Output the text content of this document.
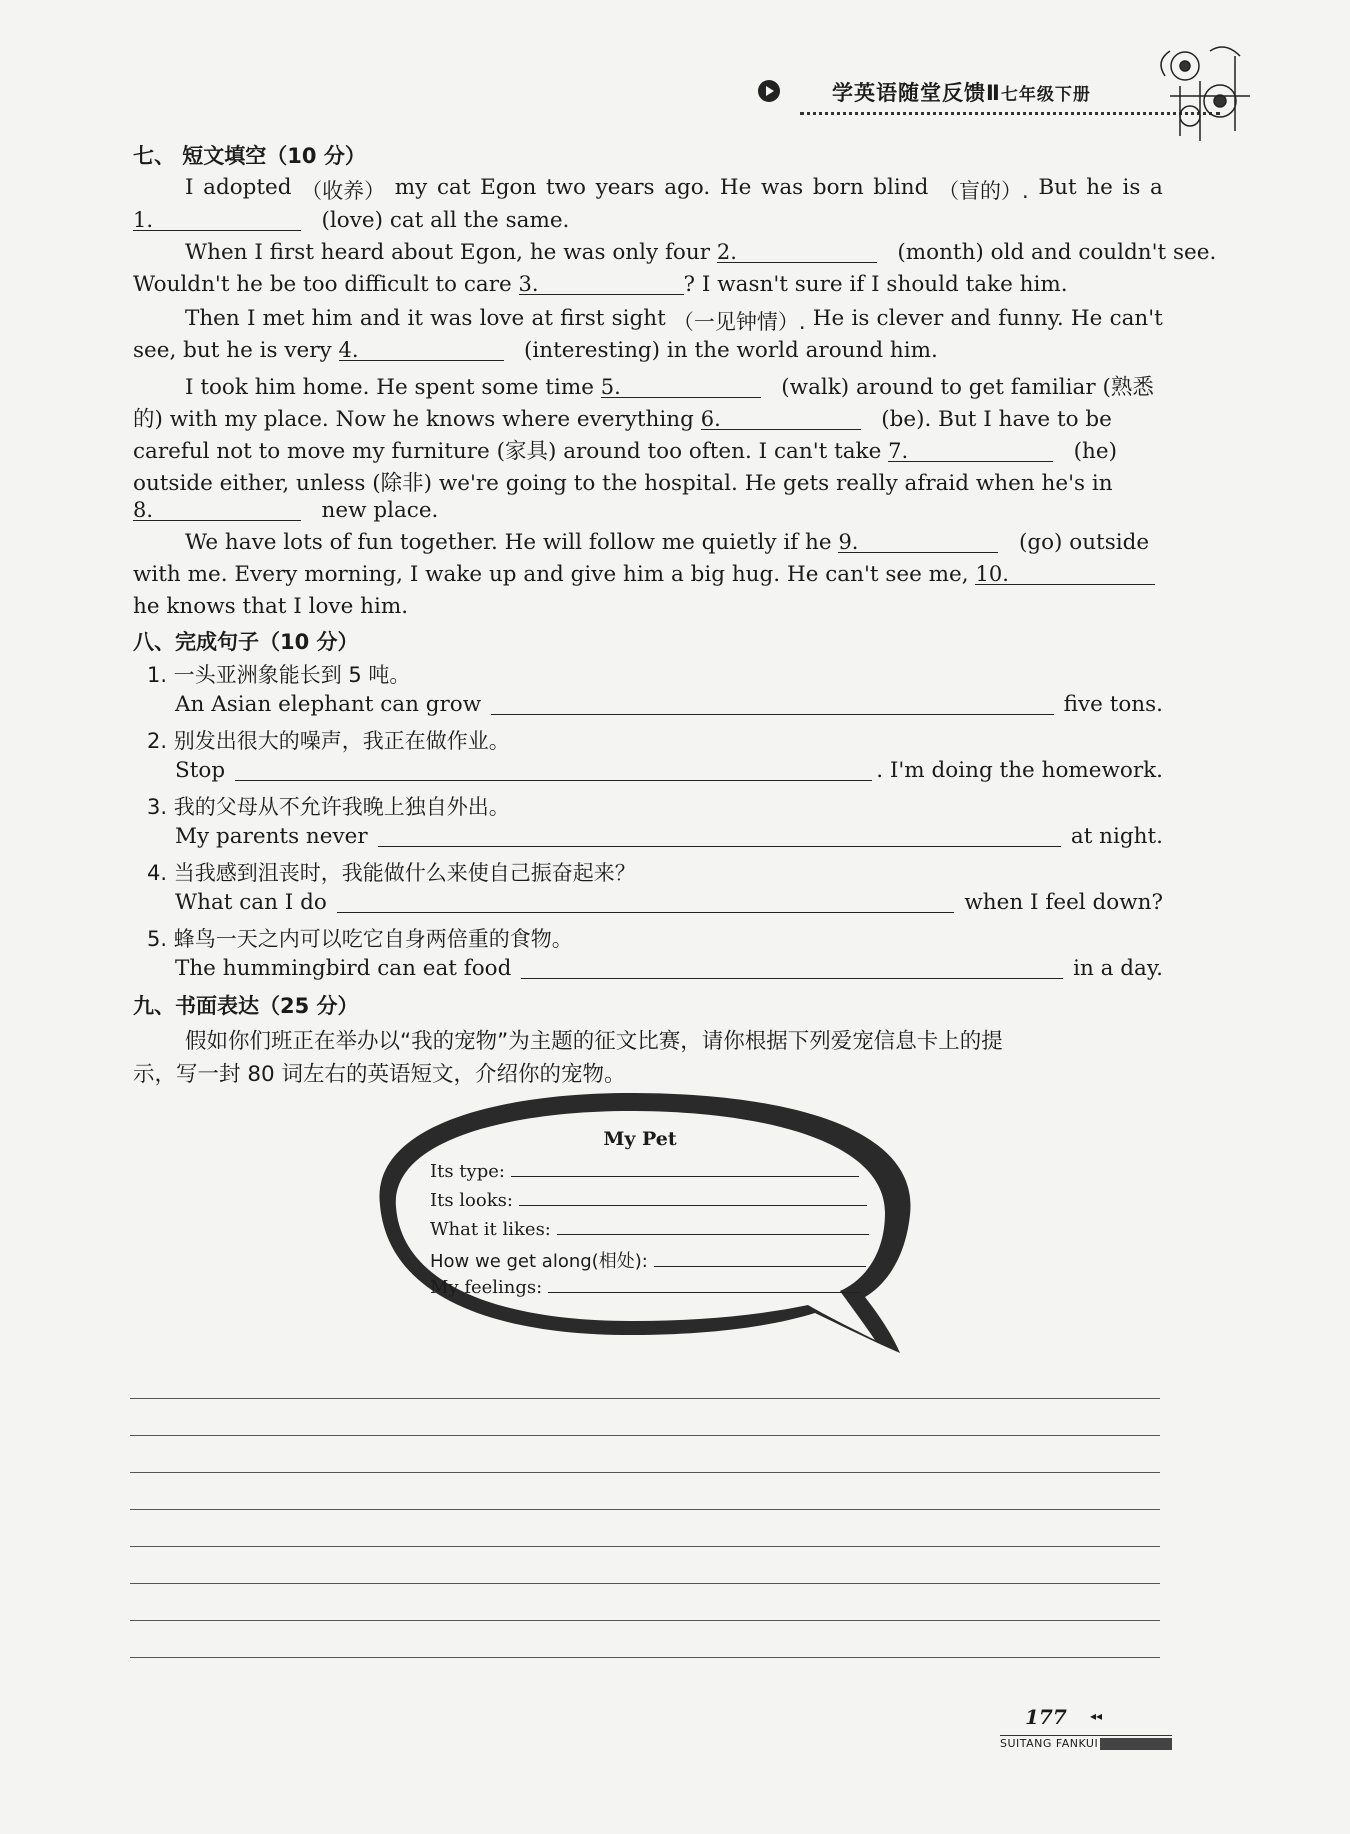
学英语随堂反馈Ⅱ七年级下册
七、 短文填空（10 分）
I adopted （收养） my cat Egon two years ago. He was born blind （盲的）. But he is a
1.	(love) cat all the same.
When I first heard about Egon, he was only four 2.	(month) old and couldn't see.
Wouldn't he be too difficult to care 3.	? I wasn't sure if I should take him.
Then I met him and it was love at first sight （一见钟情）. He is clever and funny. He can't
see, but he is very 4.	(interesting) in the world around him.
I took him home. He spent some time 5.	(walk) around to get familiar (熟悉
的) with my place. Now he knows where everything 6.	(be). But I have to be
careful not to move my furniture (家具) around too often. I can't take 7.	(he)
outside either, unless (除非) we're going to the hospital. He gets really afraid when he's in
8.	new place.
We have lots of fun together. He will follow me quietly if he 9.	(go) outside
with me. Every morning, I wake up and give him a big hug. He can't see me, 10.
he knows that I love him.
八、完成句子（10 分）
1. 一头亚洲象能长到 5 吨。
An Asian elephant can grow	five tons.
2. 别发出很大的噪声，我正在做作业。
Stop	. I'm doing the homework.
3. 我的父母从不允许我晚上独自外出。
My parents never	at night.
4. 当我感到沮丧时，我能做什么来使自己振奋起来？
What can I do	when I feel down?
5. 蜂鸟一天之内可以吃它自身两倍重的食物。
The hummingbird can eat food	in a day.
九、书面表达（25 分）
假如你们班正在举办以“我的宠物”为主题的征文比赛，请你根据下列爱宠信息卡上的提
示，写一封 80 词左右的英语短文，介绍你的宠物。
My Pet
Its type:
Its looks:
What it likes:
How we get along(相处):
My feelings:
177 ◂◂
SUITANG FANKUI
